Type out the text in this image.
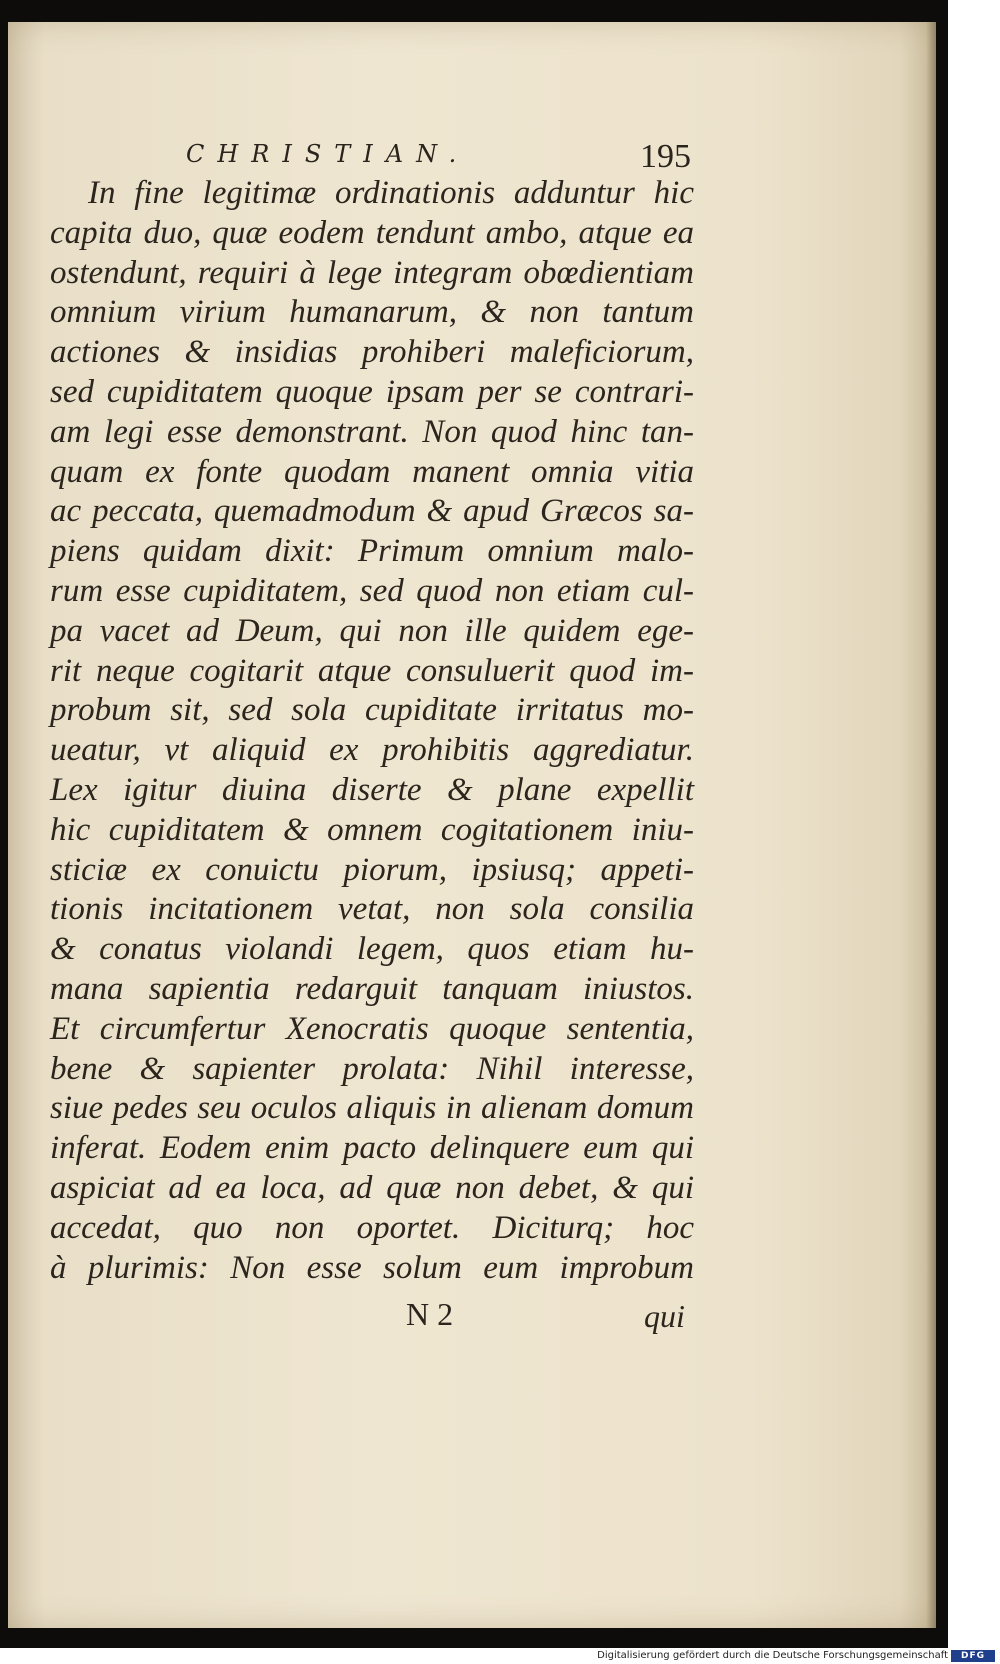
CHRISTIAN.	195
In fine legitimæ ordinationis adduntur hic
capita duo, quæ eodem tendunt ambo, atque ea
ostendunt, requiri à lege integram obœdientiam
omnium virium humanarum, & non tantum
actiones & insidias prohiberi maleficiorum,
sed cupiditatem quoque ipsam per se contrari-
am legi esse demonstrant. Non quod hinc tan-
quam ex fonte quodam manent omnia vitia
ac peccata, quemadmodum & apud Græcos sa-
piens quidam dixit: Primum omnium malo-
rum esse cupiditatem, sed quod non etiam cul-
pa vacet ad Deum, qui non ille quidem ege-
rit neque cogitarit atque consuluerit quod im-
probum sit, sed sola cupiditate irritatus mo-
ueatur, vt aliquid ex prohibitis aggrediatur.
Lex igitur diuina diserte & plane expellit
hic cupiditatem & omnem cogitationem iniu-
sticiæ ex conuictu piorum, ipsiusq; appeti-
tionis incitationem vetat, non sola consilia
& conatus violandi legem, quos etiam hu-
mana sapientia redarguit tanquam iniustos.
Et circumfertur Xenocratis quoque sententia,
bene & sapienter prolata: Nihil interesse,
siue pedes seu oculos aliquis in alienam domum
inferat. Eodem enim pacto delinquere eum qui
aspiciat ad ea loca, ad quæ non debet, & qui
accedat, quo non oportet. Diciturq; hoc
à plurimis: Non esse solum eum improbum
N 2	qui
Digitalisierung gefördert durch die Deutsche Forschungsgemeinschaft	DFG
